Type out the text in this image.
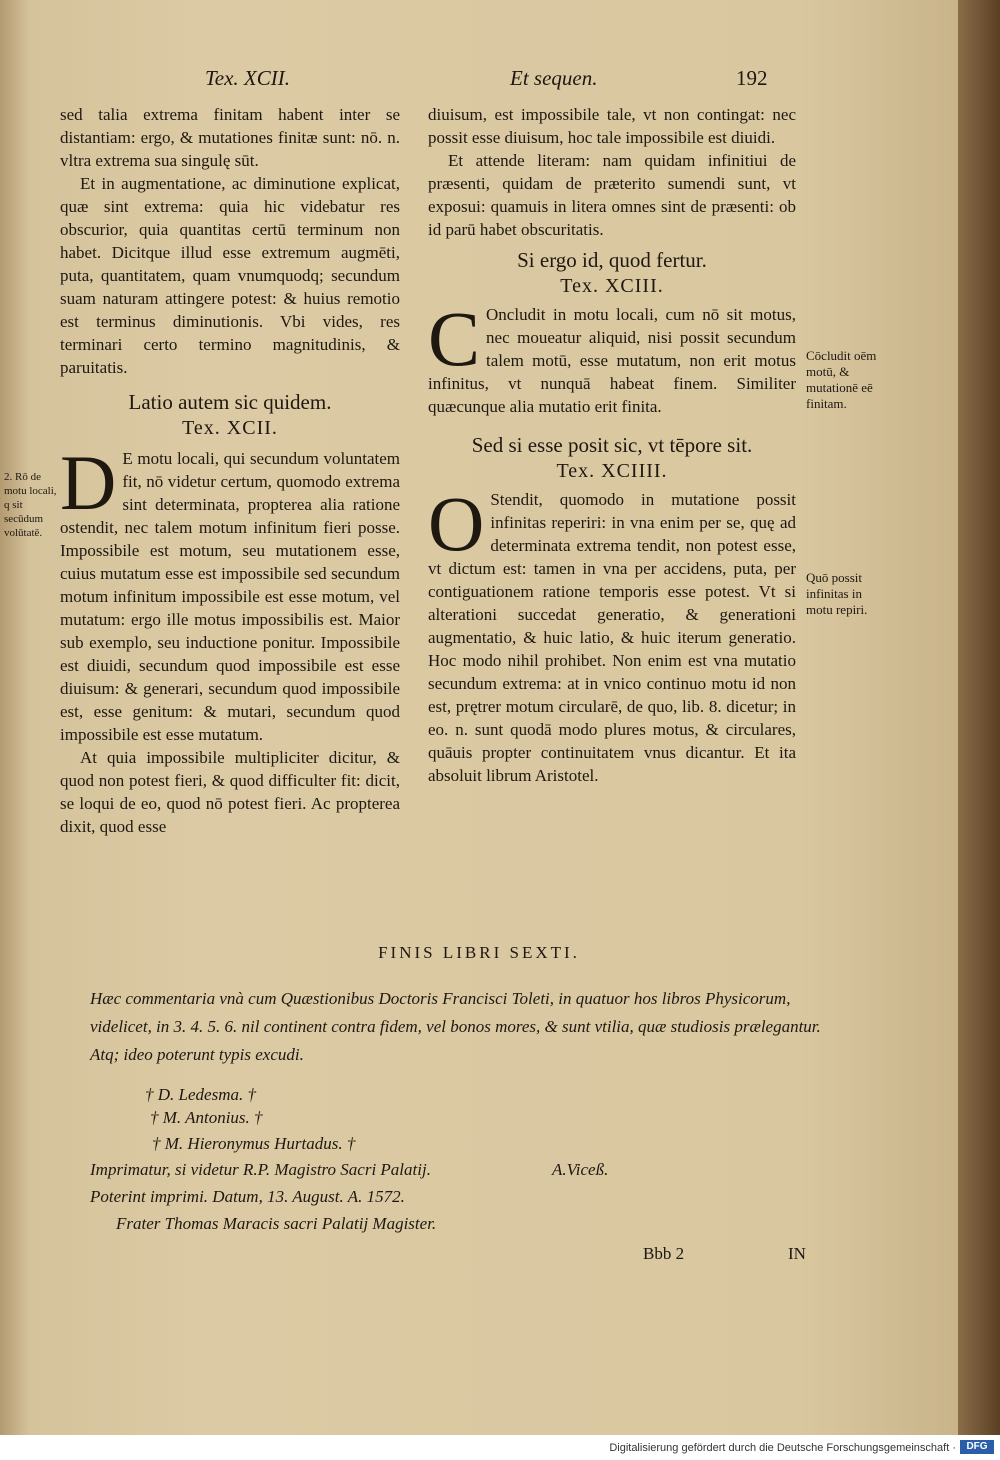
Tex. XCII.	Et sequen.	192

sed talia extrema finitam habent inter se distantiam: ergo, & mutationes finitæ sunt: nō. n. vltra extrema sua singulę sūt.

Et in augmentatione, ac diminutione explicat, quæ sint extrema: quia hic videbatur res obscurior, quia quantitas certū terminum non habet. Dicitque illud esse extremum augmēti, puta, quantitatem, quam vnumquodq; secundum suam naturam attingere potest: & huius remotio est terminus diminutionis. Vbi vides, res terminari certo termino magnitudinis, & paruitatis.

Latio autem sic quidem.
Tex. XCII.

D E motu locali, qui secundum voluntatem fit, nō videtur certum, quomodo extrema sint determinata, propterea alia ratione ostendit, nec talem motum infinitum fieri posse. Impossibile est motum, seu mutationem esse, cuius mutatum esse est impossibile sed secundum motum infinitum impossibile est esse motum, vel mutatum: ergo ille motus impossibilis est. Maior sub exemplo, seu inductione ponitur. Impossibile est diuidi, secundum quod impossibile est esse diuisum: & generari, secundum quod impossibile est, esse genitum: & mutari, secundum quod impossibile est esse mutatum.

At quia impossibile multipliciter dicitur, & quod non potest fieri, & quod difficulter fit: dicit, se loqui de eo, quod nō potest fieri. Ac propterea dixit, quod esse

diuisum, est impossibile tale, vt non contingat: nec possit esse diuisum, hoc tale impossibile est diuidi.

Et attende literam: nam quidam infinitiui de præsenti, quidam de præterito sumendi sunt, vt exposui: quamuis in litera omnes sint de præsenti: ob id parū habet obscuritatis.

Si ergo id, quod fertur.
Tex. XCIII.

C Oncludit in motu locali, cum nō sit motus, nec moueatur aliquid, nisi possit secundum talem motū, esse mutatum, non erit motus infinitus, vt nunquā habeat finem. Similiter quæcunque alia mutatio erit finita.

Sed si esse posit sic, vt tēpore sit.
Tex. XCIIII.

O Stendit, quomodo in mutatione possit infinitas reperiri: in vna enim per se, quę ad determinata extrema tendit, non potest esse, vt dictum est: tamen in vna per accidens, puta, per contiguationem ratione temporis esse potest. Vt si alterationi succedat generatio, & generationi augmentatio, & huic latio, & huic iterum generatio. Hoc modo nihil prohibet. Non enim est vna mutatio secundum extrema: at in vnico continuo motu id non est, prętrer motum circularē, de quo, lib. 8. dicetur; in eo. n. sunt quodā modo plures motus, & circulares, quāuis propter continuitatem vnus dicantur. Et ita absoluit librum Aristotel.

Cōcludit oēm motū, & mutationē eē finitam.
Quō possit infinitas in motu repiri.
2. Rō de motu locali, q sit secūdum volūtatē.
FINIS LIBRI SEXTI.
Hæc commentaria vnà cum Quæstionibus Doctoris Francisci Toleti, in quatuor hos libros Physicorum, videlicet, in 3. 4. 5. 6. nil continent contra fidem, vel bonos mores, & sunt vtilia, quæ studiosis prælegantur. Atq; ideo poterunt typis excudi.
† D. Ledesma. †
† M. Antonius. †
† M. Hieronymus Hurtadus. †
Imprimatur, si videtur R.P. Magistro Sacri Palatij.	A.Viceß.
Poterint imprimi. Datum, 13. August. A. 1572.
Frater Thomas Maracis sacri Palatij Magister.
Bbb 2	IN
Digitalisierung gefördert durch die Deutsche Forschungsgemeinschaft ·	DFG
